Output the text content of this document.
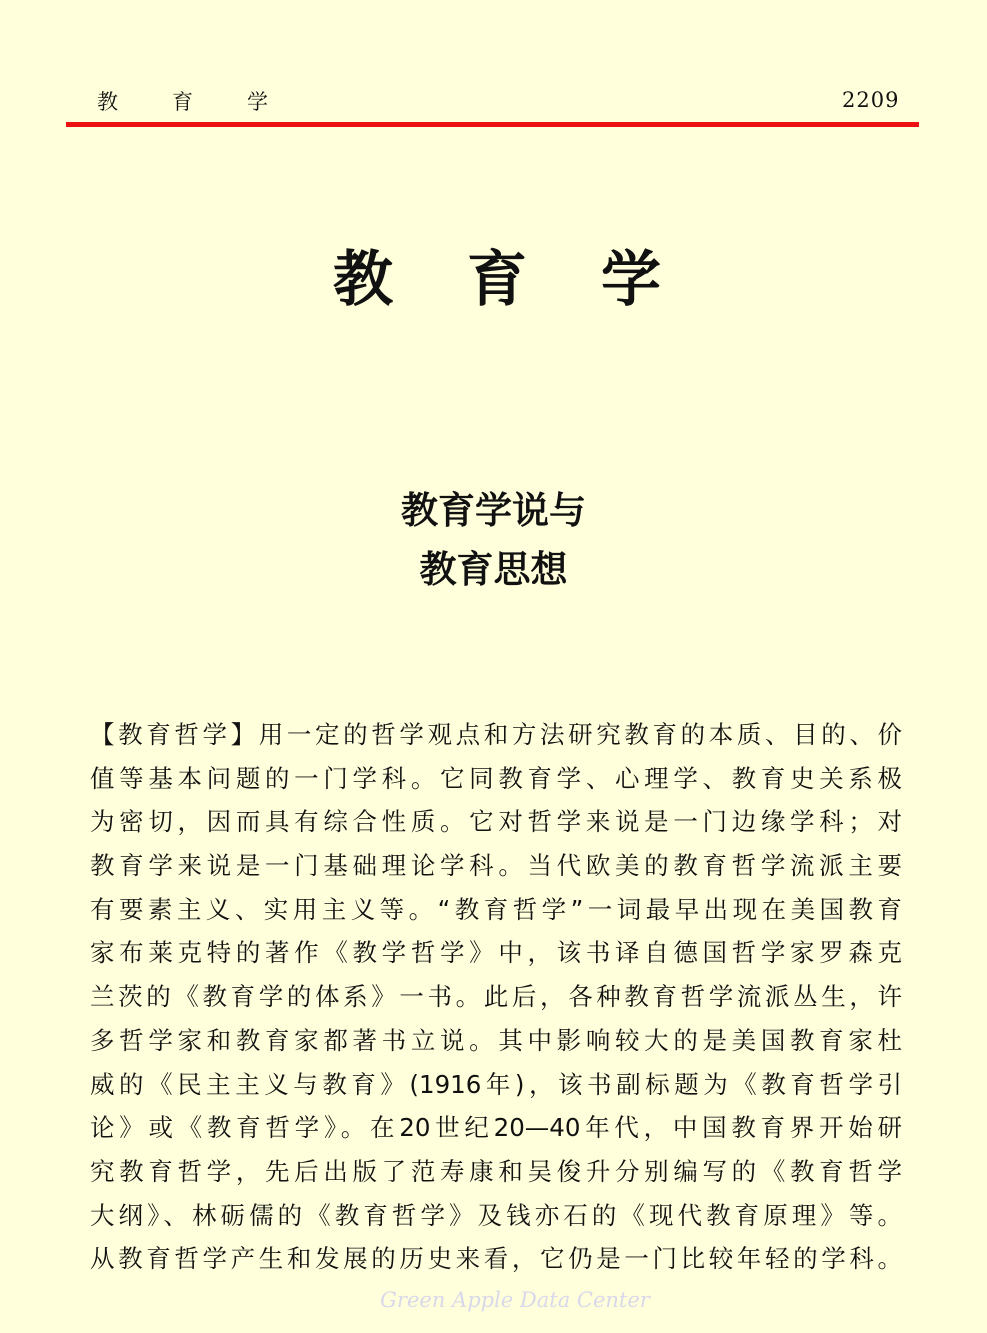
教育学	2209
教育学
教育学说与
教育思想
【教育哲学】用一定的哲学观点和方法研究教育的本质、目的、价
值等基本问题的一门学科。它同教育学、心理学、教育史关系极
为密切，因而具有综合性质。它对哲学来说是一门边缘学科；对
教育学来说是一门基础理论学科。当代欧美的教育哲学流派主要
有要素主义、实用主义等。“教育哲学”一词最早出现在美国教育
家布莱克特的著作《教学哲学》中，该书译自德国哲学家罗森克
兰茨的《教育学的体系》一书。此后，各种教育哲学流派丛生，许
多哲学家和教育家都著书立说。其中影响较大的是美国教育家杜
威的《民主主义与教育》(1916年)，该书副标题为《教育哲学引
论》或《教育哲学》。在20世纪20—40年代，中国教育界开始研
究教育哲学，先后出版了范寿康和吴俊升分别编写的《教育哲学
大纲》、林砺儒的《教育哲学》及钱亦石的《现代教育原理》等。
从教育哲学产生和发展的历史来看，它仍是一门比较年轻的学科。
Green Apple Data Center
